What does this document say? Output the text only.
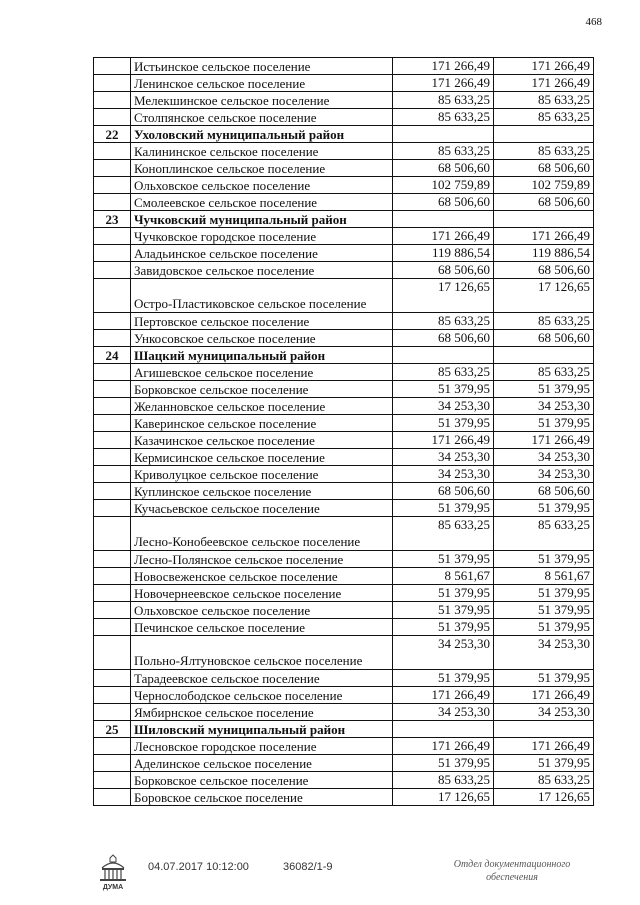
468
	Истьинское сельское поселение	171 266,49	171 266,49
	Ленинское сельское поселение	171 266,49	171 266,49
	Мелекшинское сельское поселение	85 633,25	85 633,25
	Столпянское сельское поселение	85 633,25	85 633,25
22	Ухоловский муниципальный район		
	Калининское сельское поселение	85 633,25	85 633,25
	Коноплинское сельское поселение	68 506,60	68 506,60
	Ольховское сельское поселение	102 759,89	102 759,89
	Смолеевское сельское поселение	68 506,60	68 506,60
23	Чучковский муниципальный район		
	Чучковское городское поселение	171 266,49	171 266,49
	Аладьинское сельское поселение	119 886,54	119 886,54
	Завидовское сельское поселение	68 506,60	68 506,60
	Остро-Пластиковское сельское поселение	17 126,65	17 126,65
	Пертовское сельское поселение	85 633,25	85 633,25
	Ункосовское сельское поселение	68 506,60	68 506,60
24	Шацкий муниципальный район		
	Агишевское сельское поселение	85 633,25	85 633,25
	Борковское сельское поселение	51 379,95	51 379,95
	Желанновское сельское поселение	34 253,30	34 253,30
	Каверинское сельское поселение	51 379,95	51 379,95
	Казачинское сельское поселение	171 266,49	171 266,49
	Кермисинское сельское поселение	34 253,30	34 253,30
	Криволуцкое сельское поселение	34 253,30	34 253,30
	Куплинское сельское поселение	68 506,60	68 506,60
	Кучасьевское сельское поселение	51 379,95	51 379,95
	Лесно-Конобеевское сельское поселение	85 633,25	85 633,25
	Лесно-Полянское сельское поселение	51 379,95	51 379,95
	Новосвеженское сельское поселение	8 561,67	8 561,67
	Новочернеевское сельское поселение	51 379,95	51 379,95
	Ольховское сельское поселение	51 379,95	51 379,95
	Печинское сельское поселение	51 379,95	51 379,95
	Польно-Ялтуновское сельское поселение	34 253,30	34 253,30
	Тарадеевское сельское поселение	51 379,95	51 379,95
	Чернослободское сельское поселение	171 266,49	171 266,49
	Ямбирнское сельское поселение	34 253,30	34 253,30
25	Шиловский муниципальный район		
	Лесновское городское поселение	171 266,49	171 266,49
	Аделинское сельское поселение	51 379,95	51 379,95
	Борковское сельское поселение	85 633,25	85 633,25
	Боровское сельское поселение	17 126,65	17 126,65
ДУМА
04.07.2017 10:12:00	36082/1-9	Отдел документационного обеспечения
